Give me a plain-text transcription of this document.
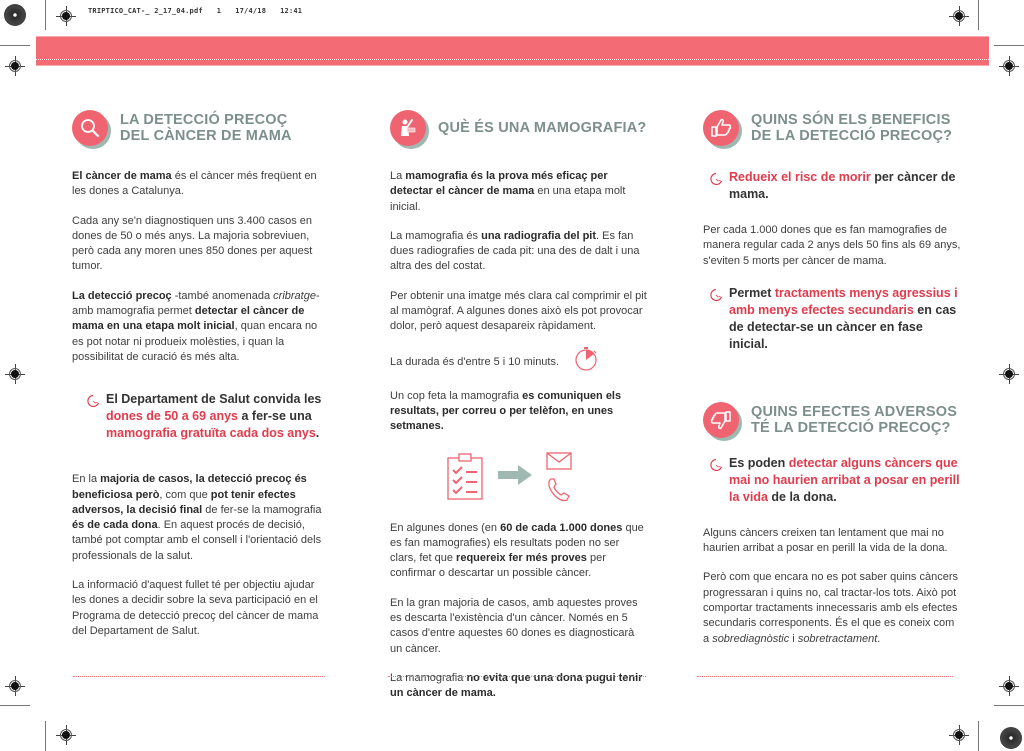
TRIPTICO_CAT-_ 2_17_04.pdf 1 17/4/18 12:41
LA DETECCIÓ PRECOÇ
DEL CÀNCER DE MAMA

El càncer de mama és el càncer més freqüent en les dones a Catalunya.

Cada any se'n diagnostiquen uns 3.400 casos en dones de 50 o més anys. La majoria sobreviuen, però cada any moren unes 850 dones per aquest tumor.

La detecció precoç -també anomenada cribratge- amb mamografia permet detectar el càncer de mama en una etapa molt inicial, quan encara no es pot notar ni produeix molèsties, i quan la possibilitat de curació és més alta.

El Departament de Salut convida les dones de 50 a 69 anys a fer-se una mamografia gratuïta cada dos anys.

En la majoria de casos, la detecció precoç és beneficiosa però, com que pot tenir efectes adversos, la decisió final de fer-se la mamografia és de cada dona. En aquest procés de decisió, també pot comptar amb el consell i l'orientació dels professionals de la salut.

La informació d'aquest fullet té per objectiu ajudar les dones a decidir sobre la seva participació en el Programa de detecció precoç del càncer de mama del Departament de Salut.

QUÈ ÉS UNA MAMOGRAFIA?

La mamografia és la prova més eficaç per detectar el càncer de mama en una etapa molt inicial.

La mamografia és una radiografia del pit. Es fan dues radiografies de cada pit: una des de dalt i una altra des del costat.

Per obtenir una imatge més clara cal comprimir el pit al mamògraf. A algunes dones això els pot provocar dolor, però aquest desapareix ràpidament.

La durada és d'entre 5 i 10 minuts.

Un cop feta la mamografia es comuniquen els resultats, per correu o per telèfon, en unes setmanes.

En algunes dones (en 60 de cada 1.000 dones que es fan mamografies) els resultats poden no ser clars, fet que requereix fer més proves per confirmar o descartar un possible càncer.

En la gran majoria de casos, amb aquestes proves es descarta l'existència d'un càncer. Només en 5 casos d'entre aquestes 60 dones es diagnosticarà un càncer.

La mamografia no evita que una dona pugui tenir un càncer de mama.

QUINS SÓN ELS BENEFICIS
DE LA DETECCIÓ PRECOÇ?
Redueix el risc de morir per càncer de mama.

Per cada 1.000 dones que es fan mamografies de manera regular cada 2 anys dels 50 fins als 69 anys, s'eviten 5 morts per càncer de mama.

Permet tractaments menys agressius i amb menys efectes secundaris en cas de detectar-se un càncer en fase inicial.
QUINS EFECTES ADVERSOS
TÉ LA DETECCIÓ PRECOÇ?
Es poden detectar alguns càncers que mai no haurien arribat a posar en perill la vida de la dona.

Alguns càncers creixen tan lentament que mai no haurien arribat a posar en perill la vida de la dona.

Però com que encara no es pot saber quins càncers progressaran i quins no, cal tractar-los tots. Això pot comportar tractaments innecessaris amb els efectes secundaris corresponents. És el que es coneix com a sobrediagnòstic i sobretractament.
